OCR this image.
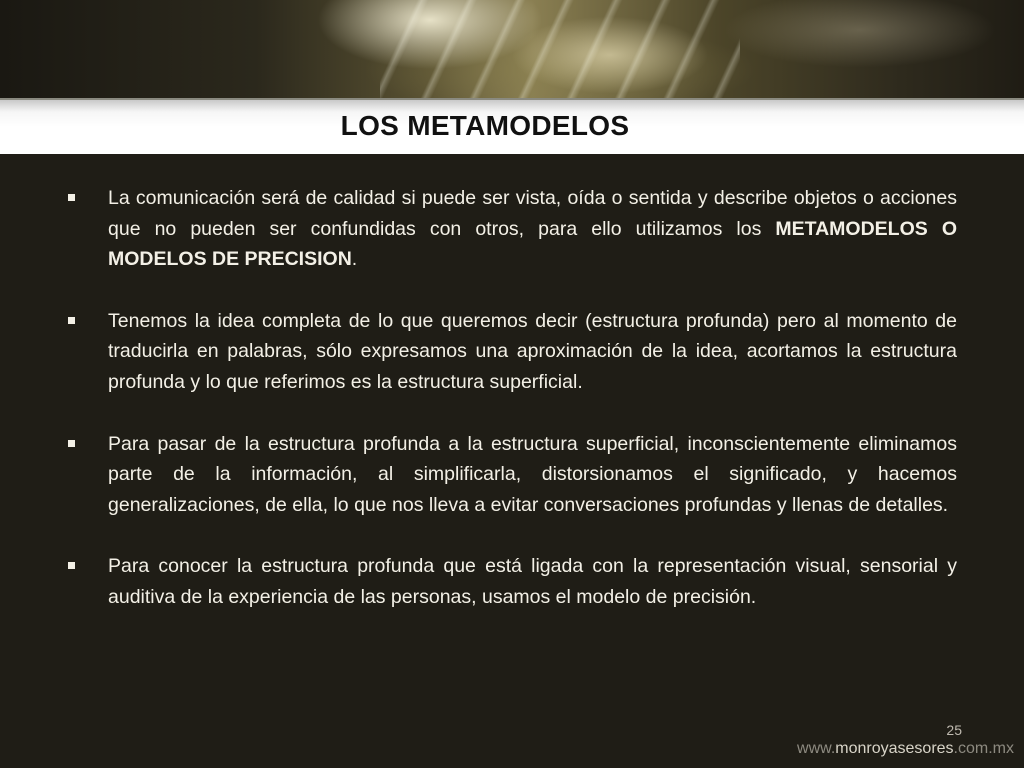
LOS METAMODELOS

La comunicación será de calidad si puede ser vista, oída o sentida y describe objetos o acciones que no pueden ser confundidas con otros, para ello utilizamos los METAMODELOS O MODELOS DE PRECISION.

Tenemos la idea completa de lo que queremos decir (estructura profunda) pero al momento de traducirla en palabras, sólo expresamos una aproximación de la idea, acortamos la estructura profunda y lo que referimos es la estructura superficial.

Para pasar de la estructura profunda a la estructura superficial, inconscientemente eliminamos parte de la información, al simplificarla, distorsionamos el significado, y hacemos generalizaciones, de ella, lo que nos lleva a evitar conversaciones profundas y llenas de detalles.

Para conocer la estructura profunda que está ligada con la representación visual, sensorial y auditiva de la experiencia de las personas, usamos el modelo de precisión.

25
www.monroyasesores.com.mx
